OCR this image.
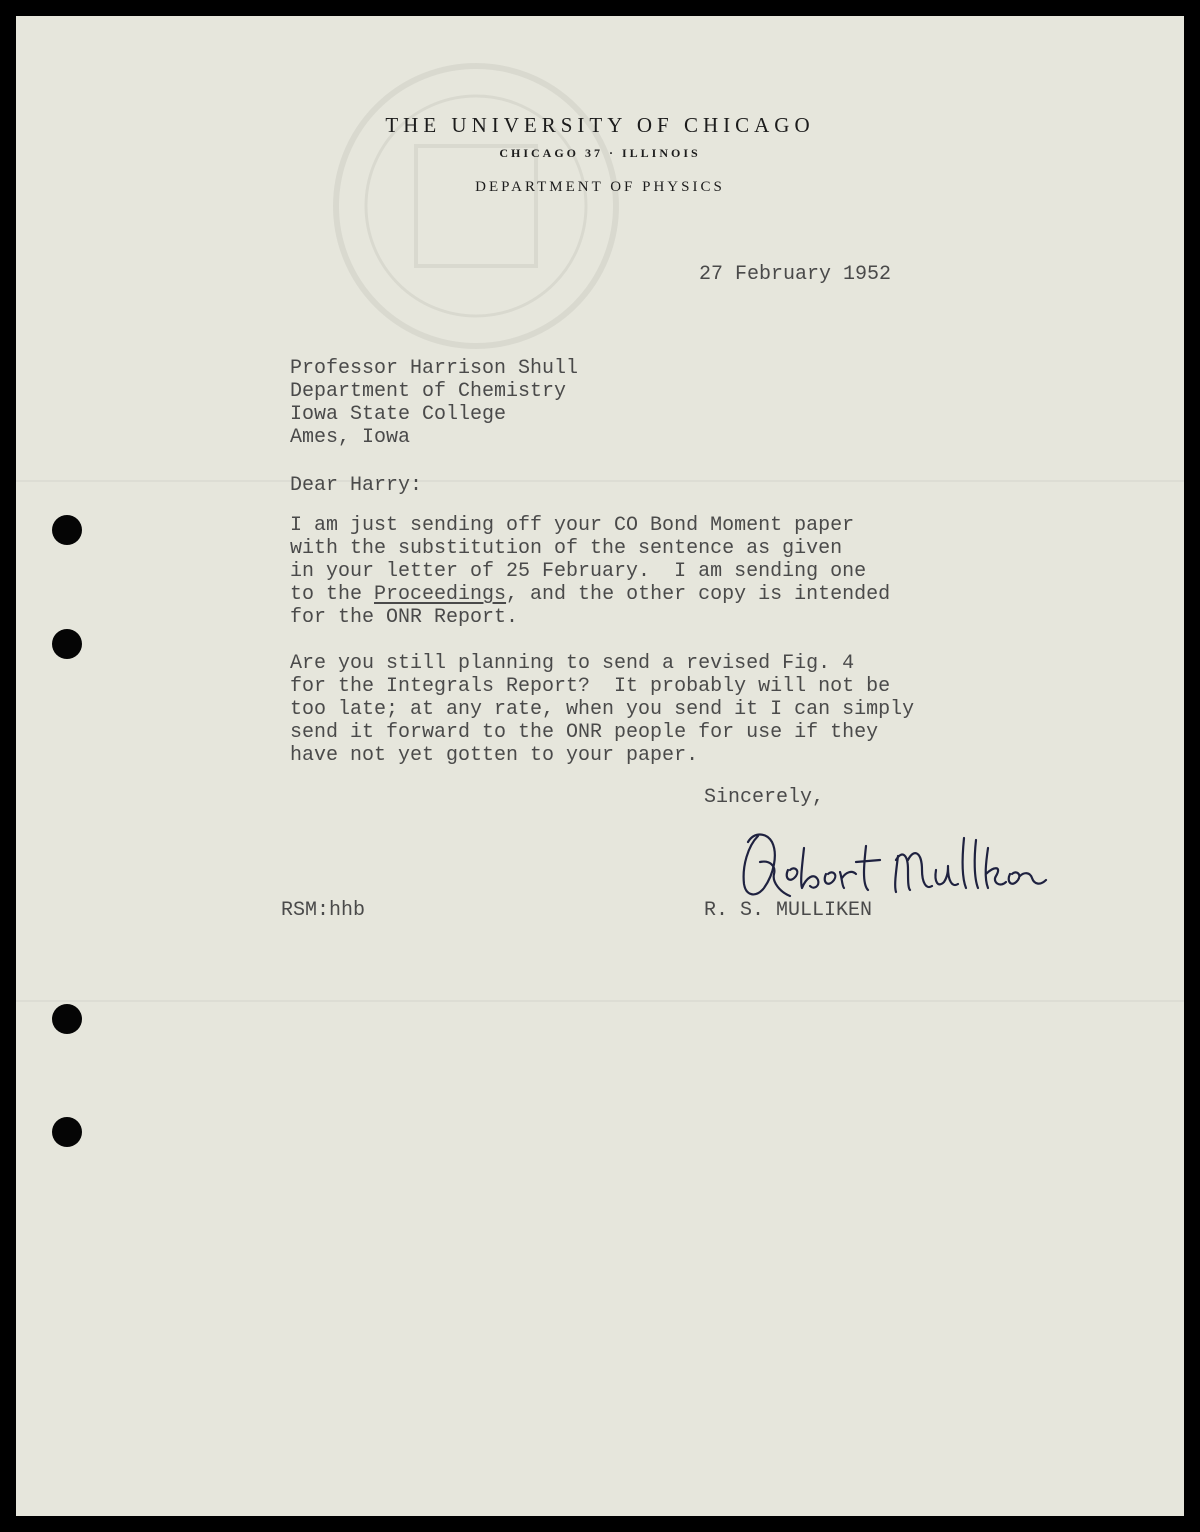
THE UNIVERSITY OF CHICAGO
CHICAGO 37 · ILLINOIS
DEPARTMENT OF PHYSICS
27 February 1952
Professor Harrison Shull
Department of Chemistry
Iowa State College
Ames, Iowa
Dear Harry:
I am just sending off your CO Bond Moment paper
with the substitution of the sentence as given
in your letter of 25 February.  I am sending one
to the Proceedings, and the other copy is intended
for the ONR Report.
Are you still planning to send a revised Fig. 4
for the Integrals Report?  It probably will not be
too late; at any rate, when you send it I can simply
send it forward to the ONR people for use if they
have not yet gotten to your paper.
Sincerely,
RSM:hhb	R. S. MULLIKEN
